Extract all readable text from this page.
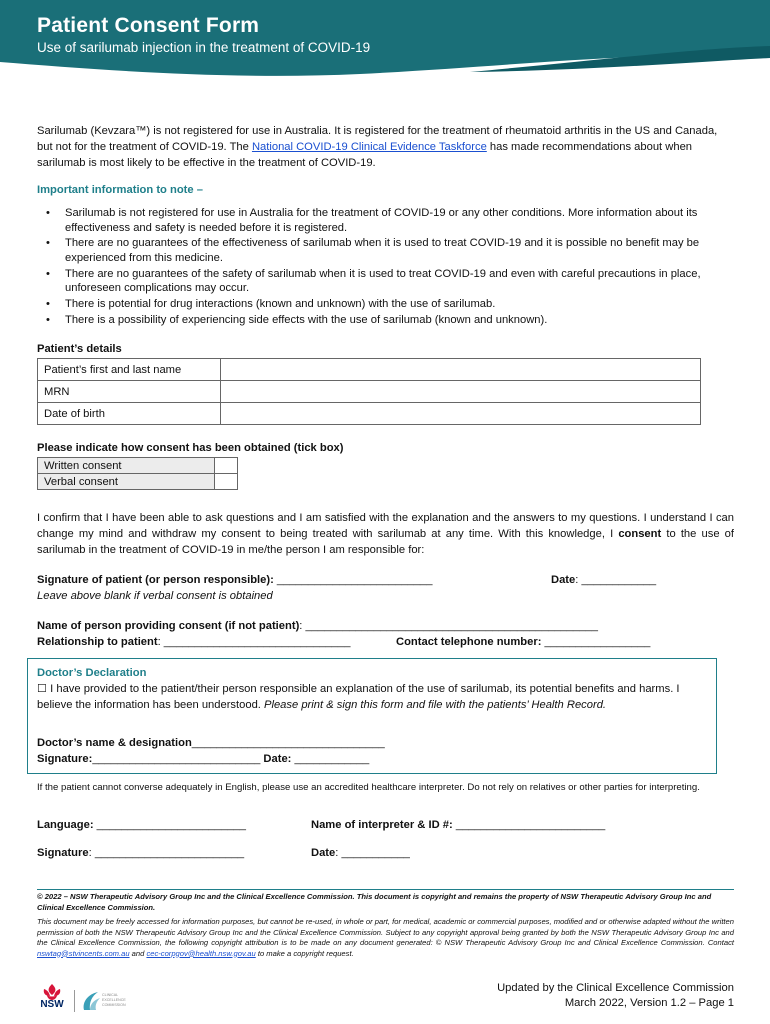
Patient Consent Form
Use of sarilumab injection in the treatment of COVID-19
Sarilumab (Kevzara™) is not registered for use in Australia. It is registered for the treatment of rheumatoid arthritis in the US and Canada, but not for the treatment of COVID-19. The National COVID-19 Clinical Evidence Taskforce has made recommendations about when sarilumab is most likely to be effective in the treatment of COVID-19.
Important information to note –
• Sarilumab is not registered for use in Australia for the treatment of COVID-19 or any other conditions. More information about its effectiveness and safety is needed before it is registered.
• There are no guarantees of the effectiveness of sarilumab when it is used to treat COVID-19 and it is possible no benefit may be experienced from this medicine.
• There are no guarantees of the safety of sarilumab when it is used to treat COVID-19 and even with careful precautions in place, unforeseen complications may occur.
• There is potential for drug interactions (known and unknown) with the use of sarilumab.
• There is a possibility of experiencing side effects with the use of sarilumab (known and unknown).
Patient’s details
Patient’s first and last name	
MRN	
Date of birth	
Please indicate how consent has been obtained (tick box)
Written consent	
Verbal consent	
I confirm that I have been able to ask questions and I am satisfied with the explanation and the answers to my questions. I understand I can change my mind and withdraw my consent to being treated with sarilumab at any time. With this knowledge, I consent to the use of sarilumab in the treatment of COVID-19 in me/the person I am responsible for:
Signature of patient (or person responsible): _________________________	Date: ____________
Leave above blank if verbal consent is obtained
Name of person providing consent (if not patient): _______________________________________________
Relationship to patient: ______________________________	Contact telephone number: _________________
Doctor’s Declaration
☐ I have provided to the patient/their person responsible an explanation of the use of sarilumab, its potential benefits and harms. I believe the information has been understood. Please print & sign this form and file with the patients’ Health Record.
Doctor’s name & designation_______________________________
Signature:___________________________ Date: ____________
If the patient cannot converse adequately in English, please use an accredited healthcare interpreter. Do not rely on relatives or other parties for interpreting.
Language: ________________________	Name of interpreter & ID #: ________________________
Signature: ________________________	Date: ___________
© 2022 – NSW Therapeutic Advisory Group Inc and the Clinical Excellence Commission. This document is copyright and remains the property of NSW Therapeutic Advisory Group Inc and Clinical Excellence Commission.
This document may be freely accessed for information purposes, but cannot be re-used, in whole or part, for medical, academic or commercial purposes, modified and or otherwise adapted without the written permission of both the NSW Therapeutic Advisory Group Inc and the Clinical Excellence Commission. Subject to any copyright approval being granted by both the NSW Therapeutic Advisory Group Inc and the Clinical Excellence Commission, the following copyright attribution is to be made on any document generated: © NSW Therapeutic Advisory Group Inc and Clinical Excellence Commission. Contact nswtag@stvincents.com.au and cec-corpgov@health.nsw.gov.au to make a copyright request.
NSW
CLINICAL EXCELLENCE COMMISSION
Updated by the Clinical Excellence Commission
March 2022, Version 1.2 – Page 1
